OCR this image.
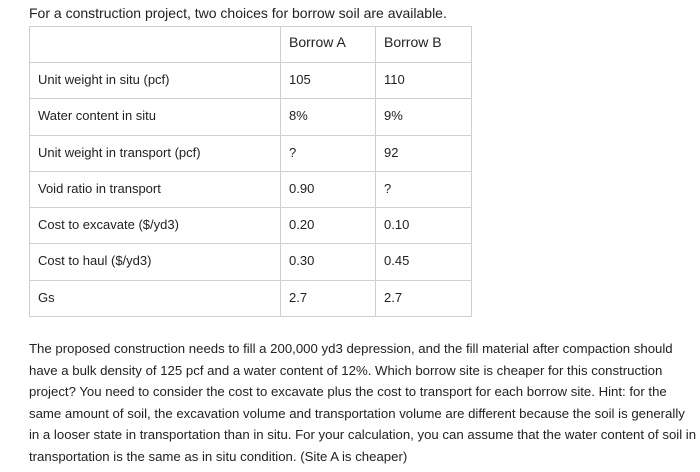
For a construction project, two choices for borrow soil are available.
	Borrow A	Borrow B
Unit weight in situ (pcf)	105	110
Water content in situ	8%	9%
Unit weight in transport (pcf)	?	92
Void ratio in transport	0.90	?
Cost to excavate ($/yd3)	0.20	0.10
Cost to haul ($/yd3)	0.30	0.45
Gs	2.7	2.7
The proposed construction needs to fill a 200,000 yd3 depression, and the fill material after compaction should have a bulk density of 125 pcf and a water content of 12%. Which borrow site is cheaper for this construction project? You need to consider the cost to excavate plus the cost to transport for each borrow site. Hint: for the same amount of soil, the excavation volume and transportation volume are different because the soil is generally in a looser state in transportation than in situ. For your calculation, you can assume that the water content of soil in transportation is the same as in situ condition. (Site A is cheaper)
